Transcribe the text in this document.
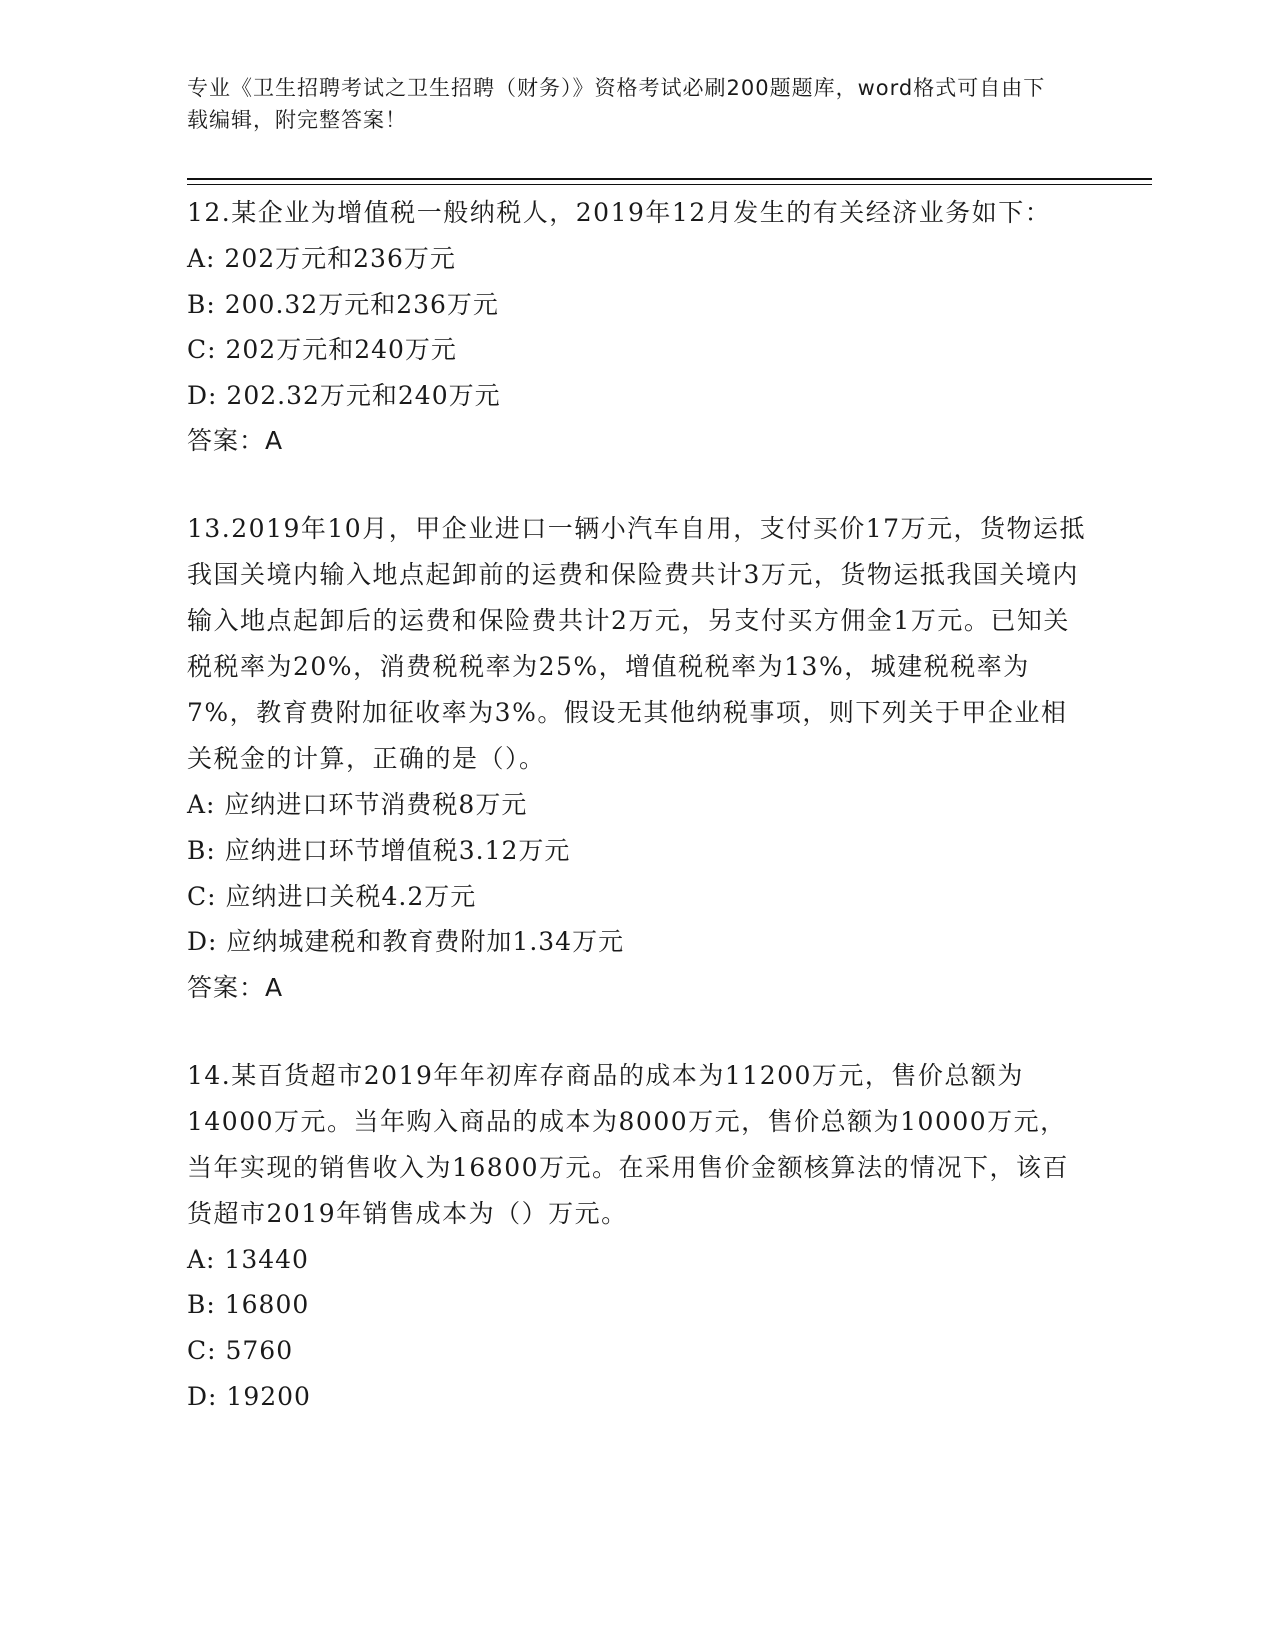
专业《卫生招聘考试之卫生招聘（财务）》资格考试必刷200题题库，word格式可自由下载编辑，附完整答案！

12.某企业为增值税一般纳税人，2019年12月发生的有关经济业务如下：

A: 202万元和236万元

B: 200.32万元和236万元

C: 202万元和240万元

D: 202.32万元和240万元

答案：A

13.2019年10月，甲企业进口一辆小汽车自用，支付买价17万元，货物运抵我国关境内输入地点起卸前的运费和保险费共计3万元，货物运抵我国关境内输入地点起卸后的运费和保险费共计2万元，另支付买方佣金1万元。已知关税税率为20%，消费税税率为25%，增值税税率为13%，城建税税率为7%，教育费附加征收率为3%。假设无其他纳税事项，则下列关于甲企业相关税金的计算，正确的是（）。

A: 应纳进口环节消费税8万元

B: 应纳进口环节增值税3.12万元

C: 应纳进口关税4.2万元

D: 应纳城建税和教育费附加1.34万元

答案：A

14.某百货超市2019年年初库存商品的成本为11200万元，售价总额为14000万元。当年购入商品的成本为8000万元，售价总额为10000万元，当年实现的销售收入为16800万元。在采用售价金额核算法的情况下，该百货超市2019年销售成本为（）万元。

A: 13440

B: 16800

C: 5760

D: 19200
